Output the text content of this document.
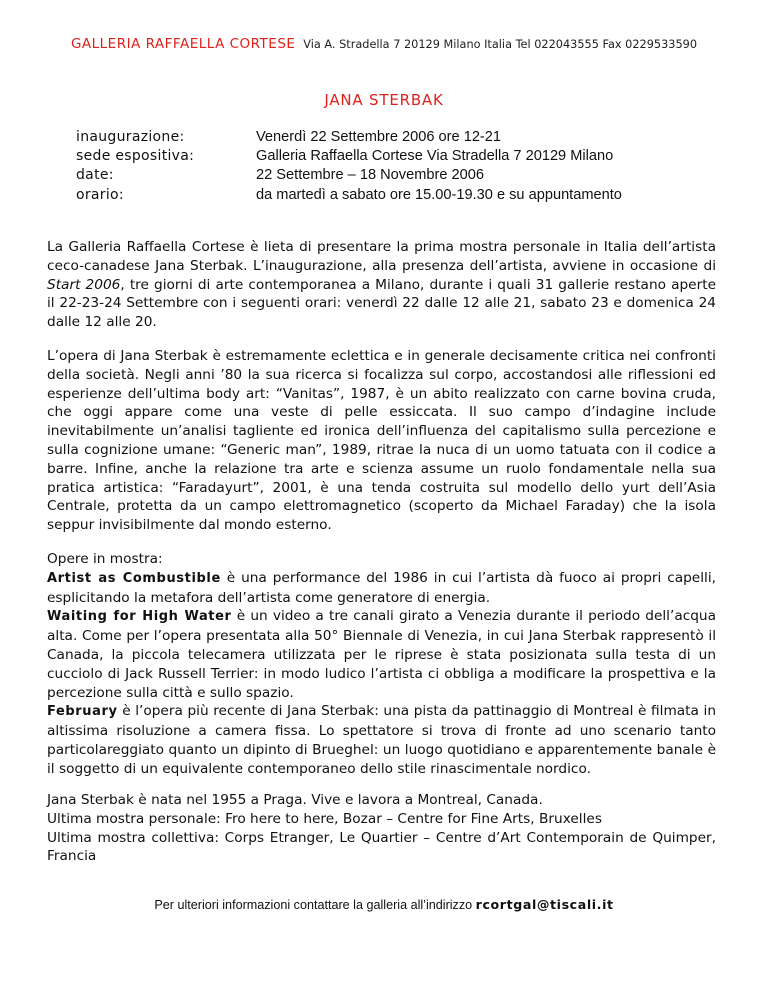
GALLERIA RAFFAELLA CORTESE Via A. Stradella 7 20129 Milano Italia Tel 022043555 Fax 0229533590
JANA STERBAK
inaugurazione:	Venerdì 22 Settembre 2006 ore 12-21
sede espositiva:	Galleria Raffaella Cortese Via Stradella 7 20129 Milano
date:	22 Settembre – 18 Novembre 2006
orario:	da martedì a sabato ore 15.00-19.30 e su appuntamento

La Galleria Raffaella Cortese è lieta di presentare la prima mostra personale in Italia dell’artista ceco-canadese Jana Sterbak. L’inaugurazione, alla presenza dell’artista, avviene in occasione di Start 2006, tre giorni di arte contemporanea a Milano, durante i quali 31 gallerie restano aperte il 22-23-24 Settembre con i seguenti orari: venerdì 22 dalle 12 alle 21, sabato 23 e domenica 24 dalle 12 alle 20.

L’opera di Jana Sterbak è estremamente eclettica e in generale decisamente critica nei confronti della società. Negli anni ’80 la sua ricerca si focalizza sul corpo, accostandosi alle riflessioni ed esperienze dell’ultima body art: “Vanitas”, 1987, è un abito realizzato con carne bovina cruda, che oggi appare come una veste di pelle essiccata. Il suo campo d’indagine include inevitabilmente un’analisi tagliente ed ironica dell’influenza del capitalismo sulla percezione e sulla cognizione umane: “Generic man”, 1989, ritrae la nuca di un uomo tatuata con il codice a barre. Infine, anche la relazione tra arte e scienza assume un ruolo fondamentale nella sua pratica artistica: “Faradayurt”, 2001, è una tenda costruita sul modello dello yurt dell’Asia Centrale, protetta da un campo elettromagnetico (scoperto da Michael Faraday) che la isola seppur invisibilmente dal mondo esterno.

Opere in mostra:

Artist as Combustible è una performance del 1986 in cui l’artista dà fuoco ai propri capelli, esplicitando la metafora dell’artista come generatore di energia.

Waiting for High Water è un video a tre canali girato a Venezia durante il periodo dell’acqua alta. Come per l’opera presentata alla 50° Biennale di Venezia, in cui Jana Sterbak rappresentò il Canada, la piccola telecamera utilizzata per le riprese è stata posizionata sulla testa di un cucciolo di Jack Russell Terrier: in modo ludico l’artista ci obbliga a modificare la prospettiva e la percezione sulla città e sullo spazio.

February è l’opera più recente di Jana Sterbak: una pista da pattinaggio di Montreal è filmata in altissima risoluzione a camera fissa. Lo spettatore si trova di fronte ad uno scenario tanto particolareggiato quanto un dipinto di Brueghel: un luogo quotidiano e apparentemente banale è il soggetto di un equivalente contemporaneo dello stile rinascimentale nordico.

Jana Sterbak è nata nel 1955 a Praga. Vive e lavora a Montreal, Canada.
Ultima mostra personale: Fro here to here, Bozar – Centre for Fine Arts, Bruxelles
Ultima mostra collettiva: Corps Etranger, Le Quartier – Centre d’Art Contemporain de Quimper, Francia
Per ulteriori informazioni contattare la galleria all’indirizzo rcortgal@tiscali.it
